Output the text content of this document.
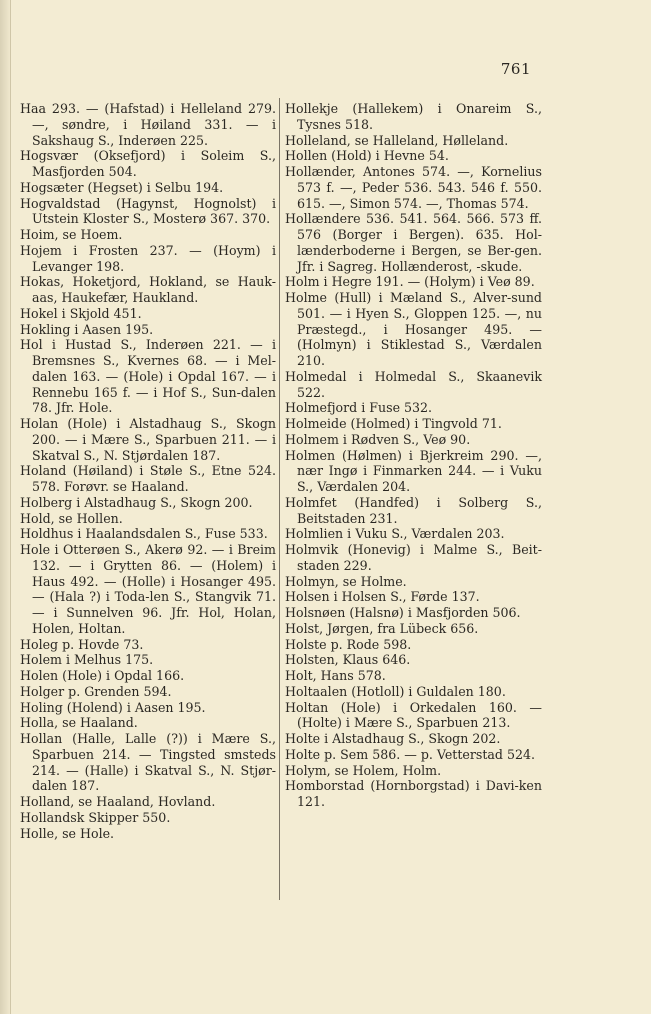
761

Haa 293. — (Hafstad) i Helleland 279. —, søndre, i Høiland 331. — i Sakshaug S., Inderøen 225.

Hogsvær (Oksefjord) i Soleim S., Masfjorden 504.

Hogsæter (Hegset) i Selbu 194.

Hogvaldstad (Hagynst, Hognolst) i Utstein Kloster S., Mosterø 367. 370.

Hoim, se Hoem.

Hojem i Frosten 237. — (Hoym) i Levanger 198.

Hokas, Hoketjord, Hokland, se Hauk-aas, Haukefær, Haukland.

Hokel i Skjold 451.

Hokling i Aasen 195.

Hol i Hustad S., Inderøen 221. — i Bremsnes S., Kvernes 68. — i Mel-dalen 163. — (Hole) i Opdal 167. — i Rennebu 165 f. — i Hof S., Sun-dalen 78. Jfr. Hole.

Holan (Hole) i Alstadhaug S., Skogn 200. — i Mære S., Sparbuen 211. — i Skatval S., N. Stjørdalen 187.

Holand (Høiland) i Støle S., Etne 524. 578. Forøvr. se Haaland.

Holberg i Alstadhaug S., Skogn 200.

Hold, se Hollen.

Holdhus i Haalandsdalen S., Fuse 533.

Hole i Otterøen S., Akerø 92. — i Breim 132. — i Grytten 86. — (Holem) i Haus 492. — (Holle) i Hosanger 495. — (Hala ?) i Toda-len S., Stangvik 71. — i Sunnelven 96. Jfr. Hol, Holan, Holen, Holtan.

Holeg p. Hovde 73.

Holem i Melhus 175.

Holen (Hole) i Opdal 166.

Holger p. Grenden 594.

Holing (Holend) i Aasen 195.

Holla, se Haaland.

Hollan (Halle, Lalle (?)) i Mære S., Sparbuen 214. — Tingsted smsteds 214. — (Halle) i Skatval S., N. Stjør-dalen 187.

Holland, se Haaland, Hovland.

Hollandsk Skipper 550.

Holle, se Hole.

Hollekje (Hallekem) i Onareim S., Tysnes 518.

Holleland, se Halleland, Hølleland.

Hollen (Hold) i Hevne 54.

Hollænder, Antones 574. —, Kornelius 573 f. —, Peder 536. 543. 546 f. 550. 615. —, Simon 574. —, Thomas 574.

Hollændere 536. 541. 564. 566. 573 ff. 576 (Borger i Bergen). 635. Hol-lænderboderne i Bergen, se Ber-gen. Jfr. i Sagreg. Hollænderost, -skude.

Holm i Hegre 191. — (Holym) i Veø 89.

Holme (Hull) i Mæland S., Alver-sund 501. — i Hyen S., Gloppen 125. —, nu Præstegd., i Hosanger 495. — (Holmyn) i Stiklestad S., Værdalen 210.

Holmedal i Holmedal S., Skaanevik 522.

Holmefjord i Fuse 532.

Holmeide (Holmed) i Tingvold 71.

Holmem i Rødven S., Veø 90.

Holmen (Hølmen) i Bjerkreim 290. —, nær Ingø i Finmarken 244. — i Vuku S., Værdalen 204.

Holmfet (Handfed) i Solberg S., Beitstaden 231.

Holmlien i Vuku S., Værdalen 203.

Holmvik (Honevig) i Malme S., Beit-staden 229.

Holmyn, se Holme.

Holsen i Holsen S., Førde 137.

Holsnøen (Halsnø) i Masfjorden 506.

Holst, Jørgen, fra Lübeck 656.

Holste p. Rode 598.

Holsten, Klaus 646.

Holt, Hans 578.

Holtaalen (Hotloll) i Guldalen 180.

Holtan (Hole) i Orkedalen 160. — (Holte) i Mære S., Sparbuen 213.

Holte i Alstadhaug S., Skogn 202.

Holte p. Sem 586. — p. Vetterstad 524.

Holym, se Holem, Holm.

Homborstad (Hornborgstad) i Davi-ken 121.
